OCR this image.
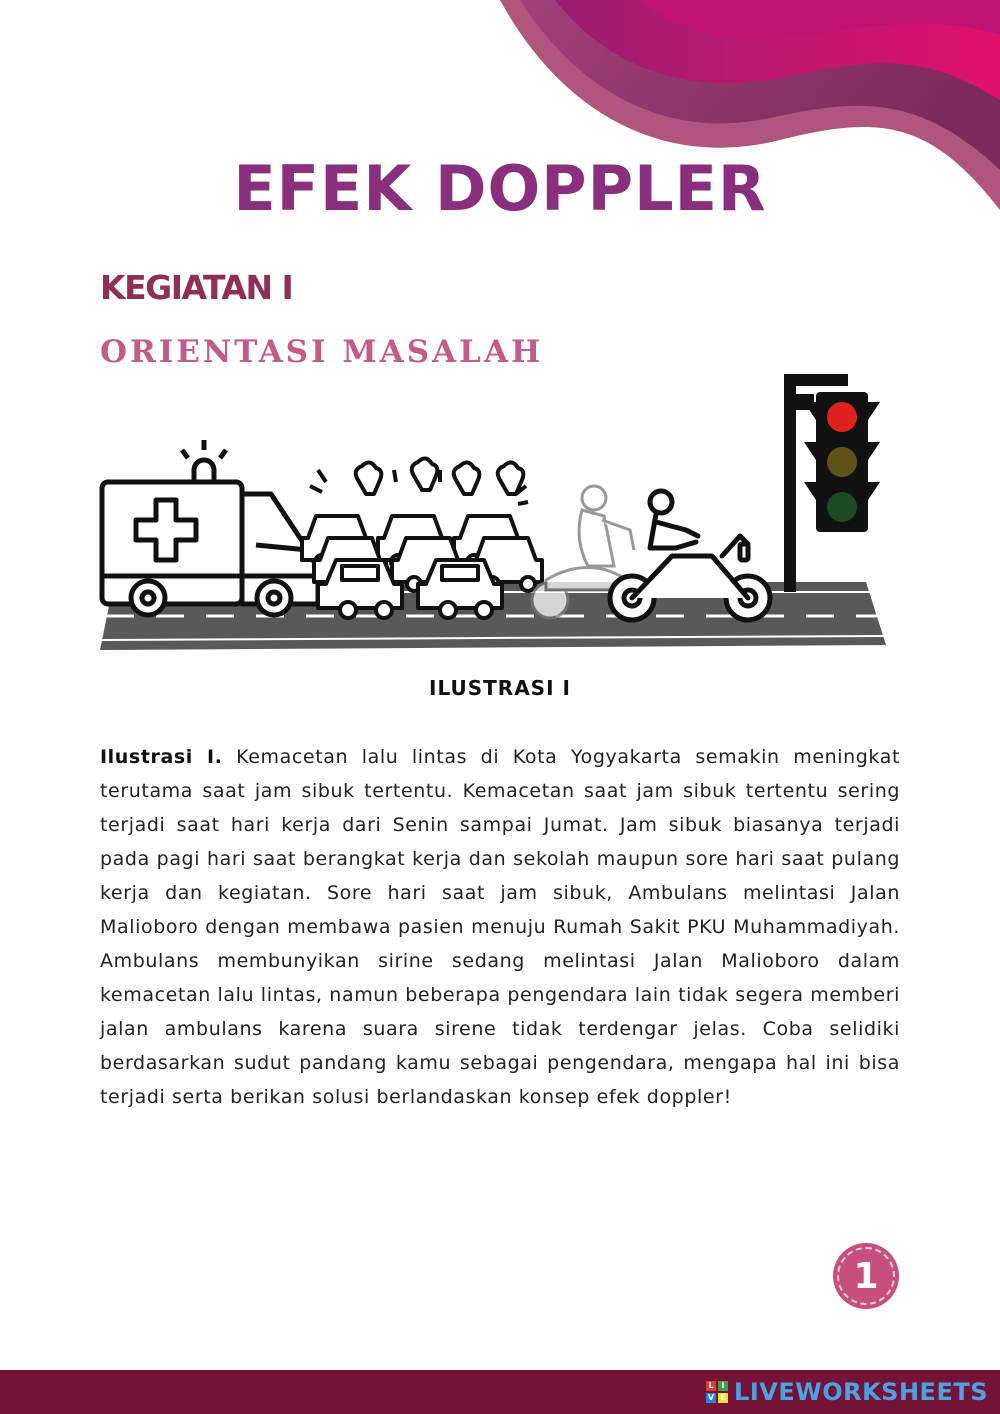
EFEK DOPPLER
KEGIATAN I
ORIENTASI MASALAH
ILUSTRASI I

Ilustrasi I. Kemacetan lalu lintas di Kota Yogyakarta semakin meningkat terutama saat jam sibuk tertentu. Kemacetan saat jam sibuk tertentu sering terjadi saat hari kerja dari Senin sampai Jumat. Jam sibuk biasanya terjadi pada pagi hari saat berangkat kerja dan sekolah maupun sore hari saat pulang kerja dan kegiatan. Sore hari saat jam sibuk, Ambulans melintasi Jalan Malioboro dengan membawa pasien menuju Rumah Sakit PKU Muhammadiyah. Ambulans membunyikan sirine sedang melintasi Jalan Malioboro dalam kemacetan lalu lintas, namun beberapa pengendara lain tidak segera memberi jalan ambulans karena suara sirene tidak terdengar jelas. Coba selidiki berdasarkan sudut pandang kamu sebagai pengendara, mengapa hal ini bisa terjadi serta berikan solusi berlandaskan konsep efek doppler!

1
L I
V E LIVEWORKSHEETS
